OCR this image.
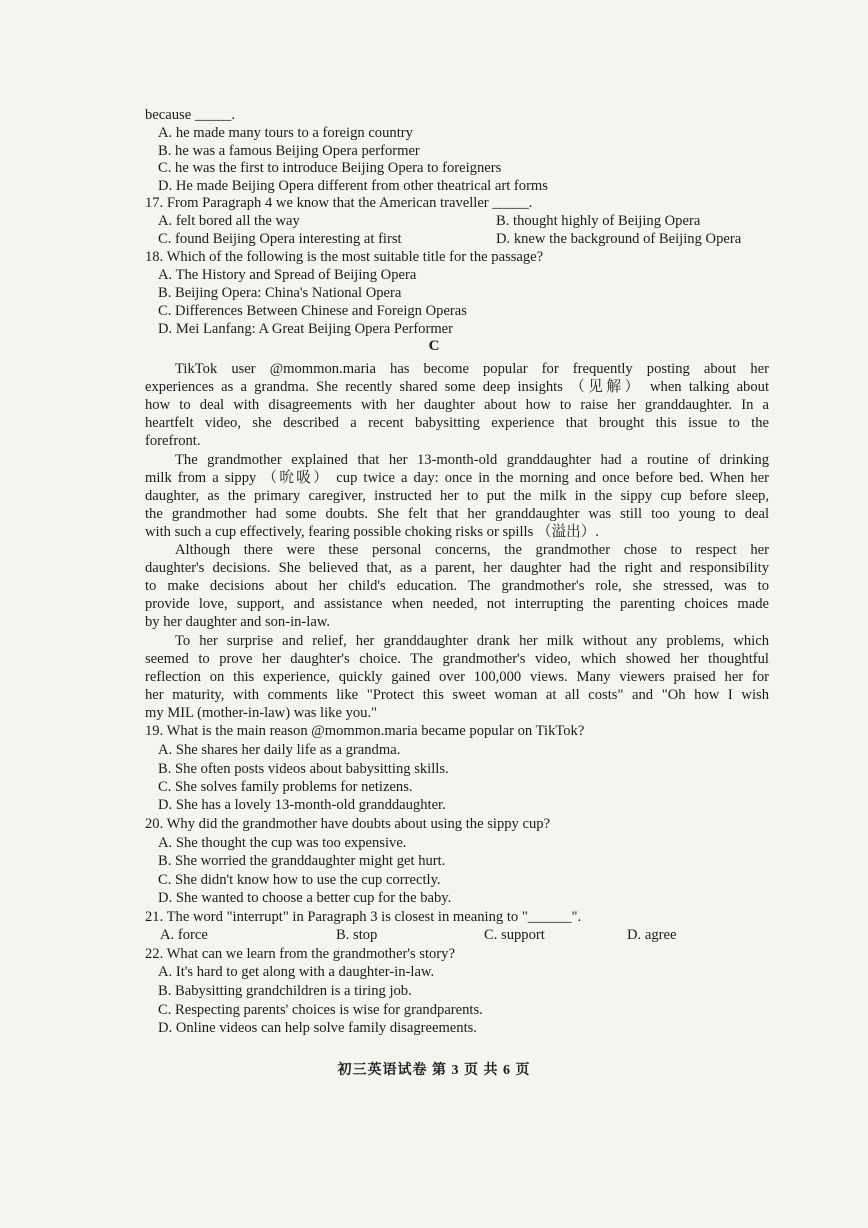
because _____.
A. he made many tours to a foreign country
B. he was a famous Beijing Opera performer
C. he was the first to introduce Beijing Opera to foreigners
D. He made Beijing Opera different from other theatrical art forms
17. From Paragraph 4 we know that the American traveller _____.
A. felt bored all the way	B. thought highly of Beijing Opera
C. found Beijing Opera interesting at first	D. knew the background of Beijing Opera
18. Which of the following is the most suitable title for the passage?
A. The History and Spread of Beijing Opera
B. Beijing Opera: China's National Opera
C. Differences Between Chinese and Foreign Operas
D. Mei Lanfang: A Great Beijing Opera Performer
C
TikTok user @mommon.maria has become popular for frequently posting about her
experiences as a grandma. She recently shared some deep insights （见解） when talking about
how to deal with disagreements with her daughter about how to raise her granddaughter. In a
heartfelt video, she described a recent babysitting experience that brought this issue to the
forefront.
The grandmother explained that her 13-month-old granddaughter had a routine of drinking
milk from a sippy （吮吸） cup twice a day: once in the morning and once before bed. When her
daughter, as the primary caregiver, instructed her to put the milk in the sippy cup before sleep,
the grandmother had some doubts. She felt that her granddaughter was still too young to deal
with such a cup effectively, fearing possible choking risks or spills （溢出）.
Although there were these personal concerns, the grandmother chose to respect her
daughter's decisions. She believed that, as a parent, her daughter had the right and responsibility
to make decisions about her child's education. The grandmother's role, she stressed, was to
provide love, support, and assistance when needed, not interrupting the parenting choices made
by her daughter and son-in-law.
To her surprise and relief, her granddaughter drank her milk without any problems, which
seemed to prove her daughter's choice. The grandmother's video, which showed her thoughtful
reflection on this experience, quickly gained over 100,000 views. Many viewers praised her for
her maturity, with comments like "Protect this sweet woman at all costs" and "Oh how I wish
my MIL (mother-in-law) was like you."
19. What is the main reason @mommon.maria became popular on TikTok?
A. She shares her daily life as a grandma.
B. She often posts videos about babysitting skills.
C. She solves family problems for netizens.
D. She has a lovely 13-month-old granddaughter.
20. Why did the grandmother have doubts about using the sippy cup?
A. She thought the cup was too expensive.
B. She worried the granddaughter might get hurt.
C. She didn't know how to use the cup correctly.
D. She wanted to choose a better cup for the baby.
21. The word "interrupt" in Paragraph 3 is closest in meaning to "______".
A. force	B. stop	C. support	D. agree
22. What can we learn from the grandmother's story?
A. It's hard to get along with a daughter-in-law.
B. Babysitting grandchildren is a tiring job.
C. Respecting parents' choices is wise for grandparents.
D. Online videos can help solve family disagreements.
初三英语试卷 第 3 页 共 6 页
